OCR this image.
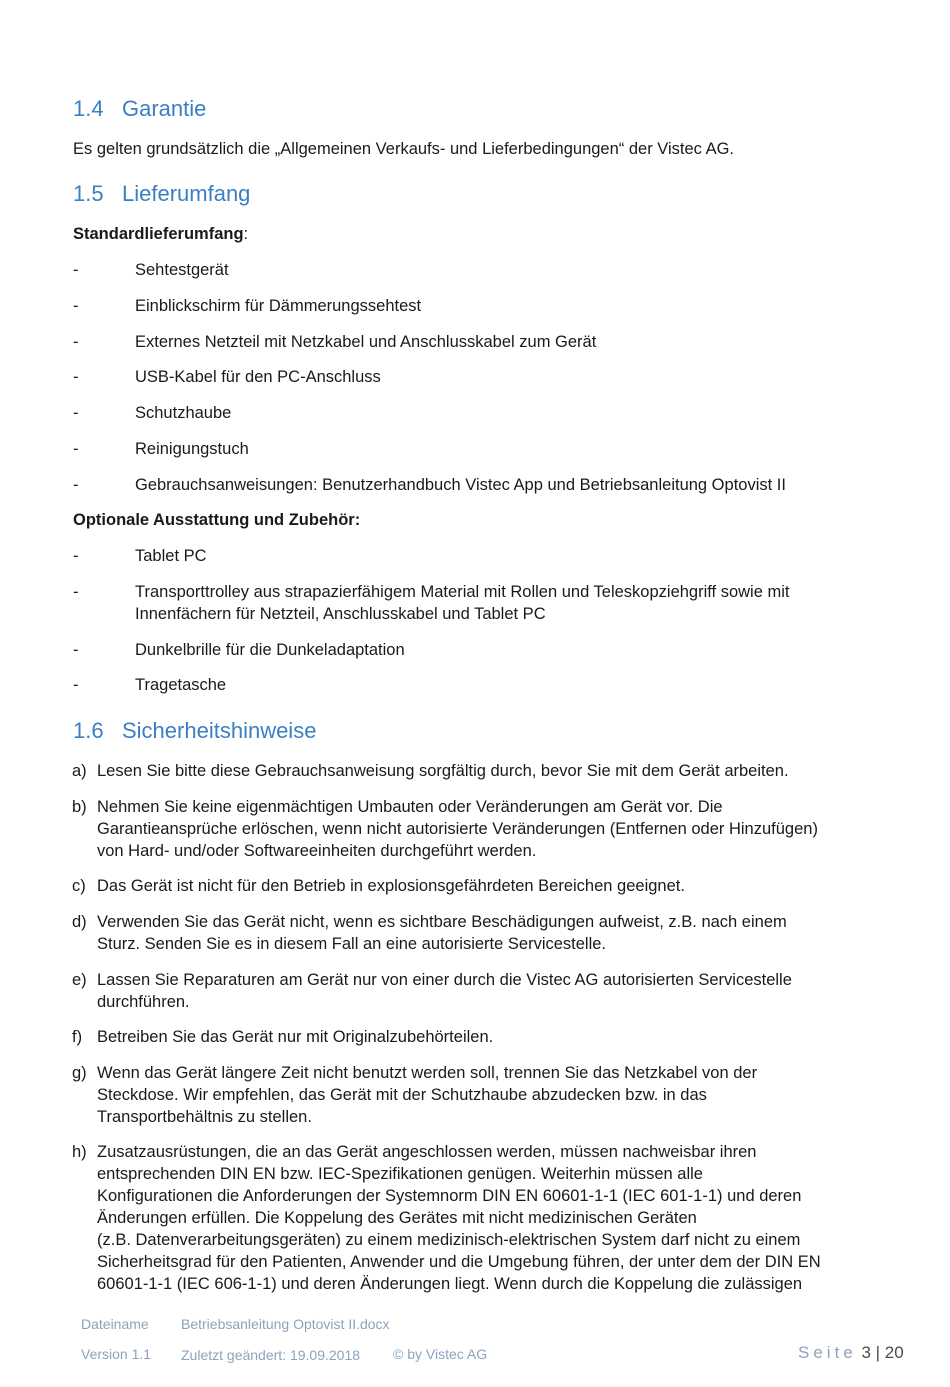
1.4 Garantie
Es gelten grundsätzlich die „Allgemeinen Verkaufs- und Lieferbedingungen“ der Vistec AG.
1.5 Lieferumfang
Standardlieferumfang:
-	Sehtestgerät
-	Einblickschirm für Dämmerungssehtest
-	Externes Netzteil mit Netzkabel und Anschlusskabel zum Gerät
-	USB-Kabel für den PC-Anschluss
-	Schutzhaube
-	Reinigungstuch
-	Gebrauchsanweisungen: Benutzerhandbuch Vistec App und Betriebsanleitung Optovist II
Optionale Ausstattung und Zubehör:
-	Tablet PC
-	Transporttrolley aus strapazierfähigem Material mit Rollen und Teleskopziehgriff sowie mit
Innenfächern für Netzteil, Anschlusskabel und Tablet PC
-	Dunkelbrille für die Dunkeladaptation
-	Tragetasche
1.6 Sicherheitshinweise
a) Lesen Sie bitte diese Gebrauchsanweisung sorgfältig durch, bevor Sie mit dem Gerät arbeiten.
b) Nehmen Sie keine eigenmächtigen Umbauten oder Veränderungen am Gerät vor. Die
Garantieansprüche erlöschen, wenn nicht autorisierte Veränderungen (Entfernen oder Hinzufügen)
von Hard- und/oder Softwareeinheiten durchgeführt werden.
c) Das Gerät ist nicht für den Betrieb in explosionsgefährdeten Bereichen geeignet.
d) Verwenden Sie das Gerät nicht, wenn es sichtbare Beschädigungen aufweist, z.B. nach einem
Sturz. Senden Sie es in diesem Fall an eine autorisierte Servicestelle.
e) Lassen Sie Reparaturen am Gerät nur von einer durch die Vistec AG autorisierten Servicestelle
durchführen.
f) Betreiben Sie das Gerät nur mit Originalzubehörteilen.
g) Wenn das Gerät längere Zeit nicht benutzt werden soll, trennen Sie das Netzkabel von der
Steckdose. Wir empfehlen, das Gerät mit der Schutzhaube abzudecken bzw. in das
Transportbehältnis zu stellen.
h) Zusatzausrüstungen, die an das Gerät angeschlossen werden, müssen nachweisbar ihren
entsprechenden DIN EN bzw. IEC-Spezifikationen genügen. Weiterhin müssen alle
Konfigurationen die Anforderungen der Systemnorm DIN EN 60601-1-1 (IEC 601-1-1) und deren
Änderungen erfüllen. Die Koppelung des Gerätes mit nicht medizinischen Geräten
(z.B. Datenverarbeitungsgeräten) zu einem medizinisch-elektrischen System darf nicht zu einem
Sicherheitsgrad für den Patienten, Anwender und die Umgebung führen, der unter dem der DIN EN
60601-1-1 (IEC 606-1-1) und deren Änderungen liegt. Wenn durch die Koppelung die zulässigen
Dateiname Betriebsanleitung Optovist II.docx
Version 1.1 Zuletzt geändert: 19.09.2018 © by Vistec AG	Seite 3 | 20
